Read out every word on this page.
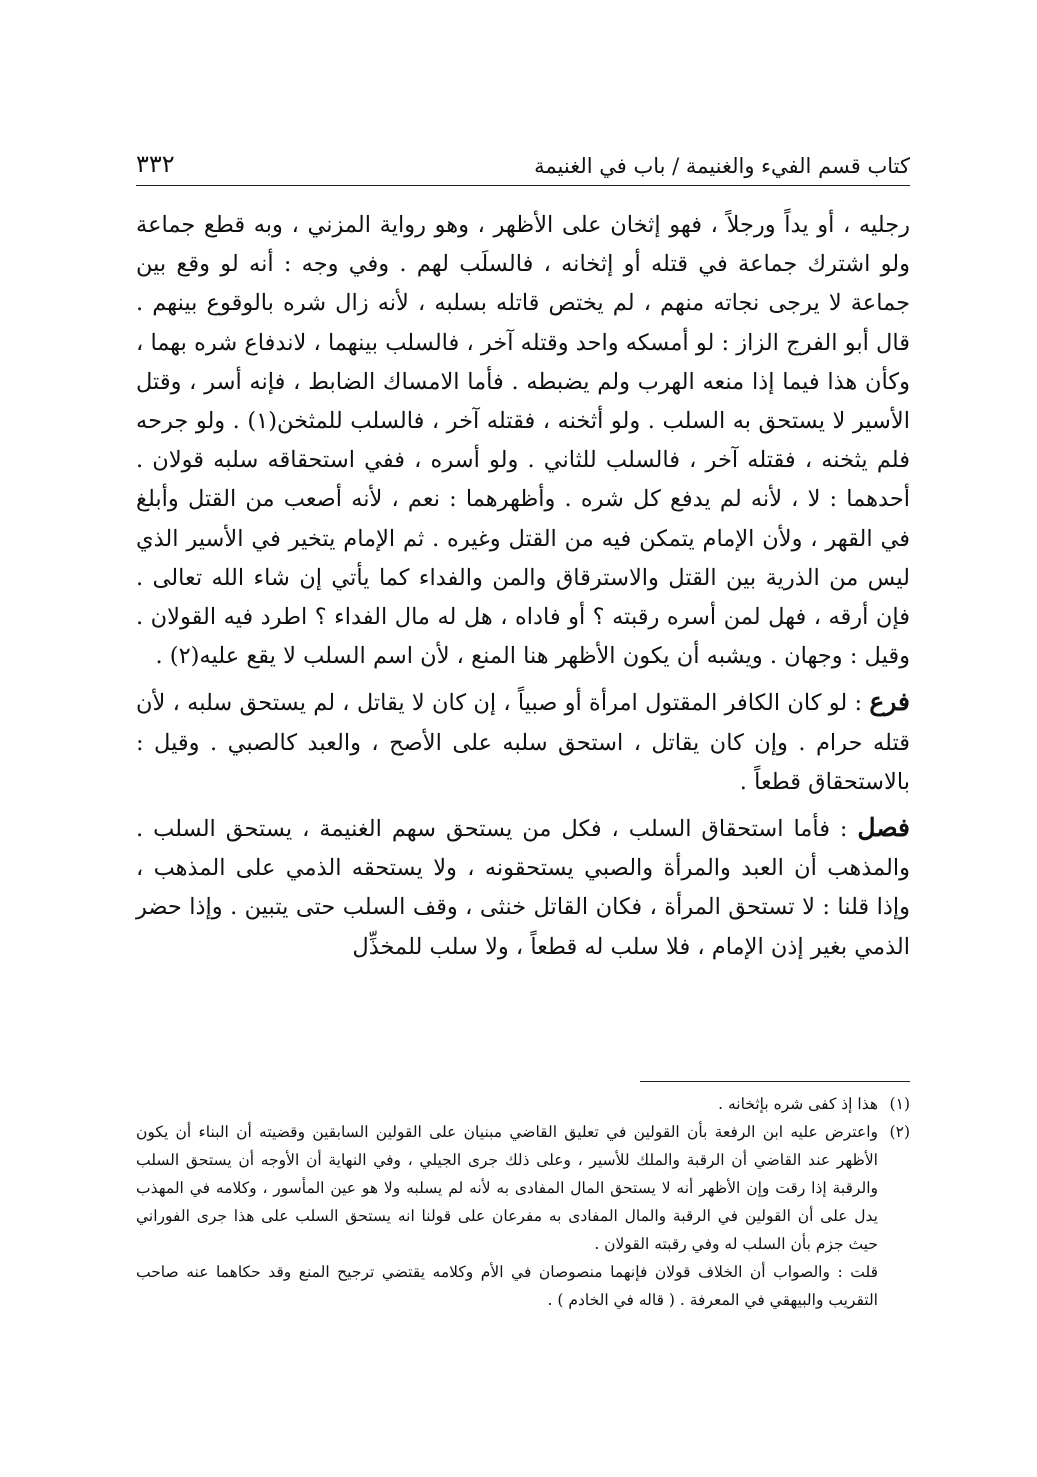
كتاب قسم الفيء والغنيمة / باب في الغنيمة
٣٣٢

رجليه ، أو يداً ورجلاً ، فهو إثخان على الأظهر ، وهو رواية المزني ، وبه قطع جماعة ولو اشترك جماعة في قتله أو إثخانه ، فالسلَب لهم . وفي وجه : أنه لو وقع بين جماعة لا يرجى نجاته منهم ، لم يختص قاتله بسلبه ، لأنه زال شره بالوقوع بينهم . قال أبو الفرج الزاز : لو أمسكه واحد وقتله آخر ، فالسلب بينهما ، لاندفاع شره بهما ، وكأن هذا فيما إذا منعه الهرب ولم يضبطه . فأما الامساك الضابط ، فإنه أسر ، وقتل الأسير لا يستحق به السلب . ولو أثخنه ، فقتله آخر ، فالسلب للمثخن(١) . ولو جرحه فلم يثخنه ، فقتله آخر ، فالسلب للثاني . ولو أسره ، ففي استحقاقه سلبه قولان . أحدهما : لا ، لأنه لم يدفع كل شره . وأظهرهما : نعم ، لأنه أصعب من القتل وأبلغ في القهر ، ولأن الإمام يتمكن فيه من القتل وغيره . ثم الإمام يتخير في الأسير الذي ليس من الذرية بين القتل والاسترقاق والمن والفداء كما يأتي إن شاء الله تعالى . فإن أرقه ، فهل لمن أسره رقبته ؟ أو فاداه ، هل له مال الفداء ؟ اطرد فيه القولان . وقيل : وجهان . ويشبه أن يكون الأظهر هنا المنع ، لأن اسم السلب لا يقع عليه(٢) .

فرع : لو كان الكافر المقتول امرأة أو صبياً ، إن كان لا يقاتل ، لم يستحق سلبه ، لأن قتله حرام . وإن كان يقاتل ، استحق سلبه على الأصح ، والعبد كالصبي . وقيل : بالاستحقاق قطعاً .

فصل : فأما استحقاق السلب ، فكل من يستحق سهم الغنيمة ، يستحق السلب . والمذهب أن العبد والمرأة والصبي يستحقونه ، ولا يستحقه الذمي على المذهب ، وإذا قلنا : لا تستحق المرأة ، فكان القاتل خنثى ، وقف السلب حتى يتبين . وإذا حضر الذمي بغير إذن الإمام ، فلا سلب له قطعاً ، ولا سلب للمخذِّل

(١)
هذا إذ كفى شره بإثخانه .
(٢)
واعترض عليه ابن الرفعة بأن القولين في تعليق القاضي مبنيان على القولين السابقين وقضيته أن البناء أن يكون الأظهر عند القاضي أن الرقبة والملك للأسير ، وعلى ذلك جرى الجيلي ، وفي النهاية أن الأوجه أن يستحق السلب والرقبة إذا رقت وإن الأظهر أنه لا يستحق المال المفادى به لأنه لم يسلبه ولا هو عين المأسور ، وكلامه في المهذب يدل على أن القولين في الرقبة والمال المفادى به مفرعان على قولنا انه يستحق السلب على هذا جرى الفوراني حيث جزم بأن السلب له وفي رقبته القولان .
قلت : والصواب أن الخلاف قولان فإنهما منصوصان في الأم وكلامه يقتضي ترجيح المنع وقد حكاهما عنه صاحب التقريب والبيهقي في المعرفة . ( قاله في الخادم ) .
